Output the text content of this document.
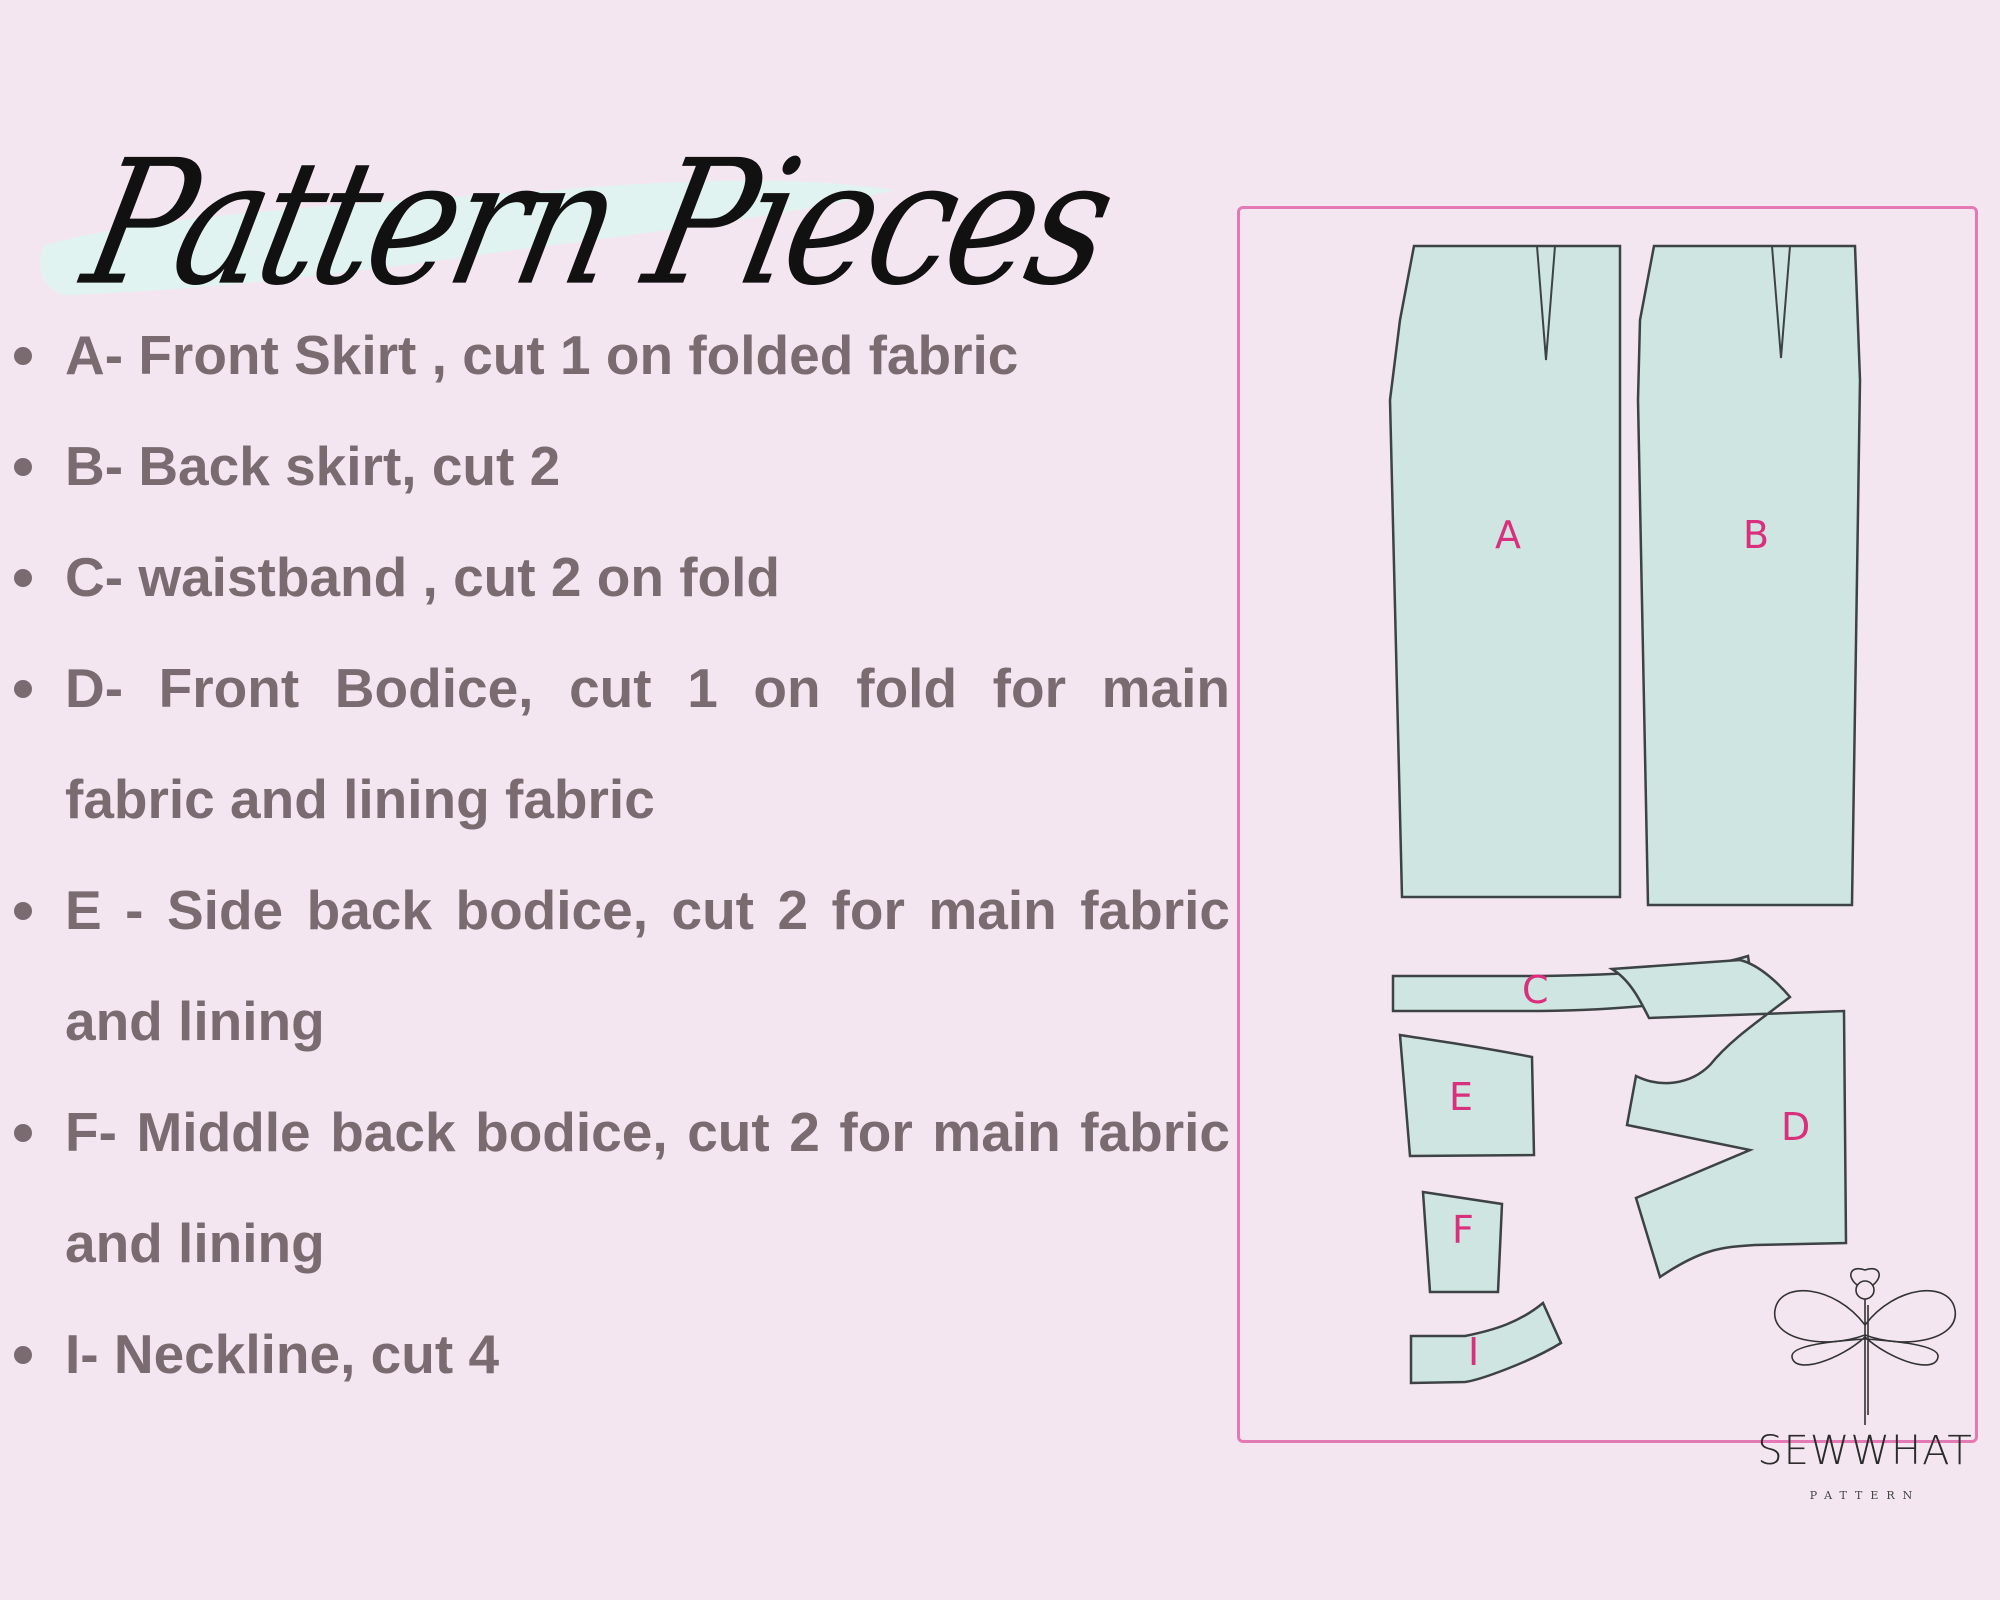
Pattern Pieces
A- Front Skirt , cut 1 on folded fabric
B- Back skirt, cut 2
C- waistband , cut 2 on fold
D- Front Bodice, cut 1 on fold for main fabric and lining fabric
E - Side back bodice, cut 2 for main fabric and lining
F- Middle back bodice, cut 2 for main fabric and lining
I- Neckline, cut 4
A	B
C
D
E
F
I
SEWWHAT
PATTERN
